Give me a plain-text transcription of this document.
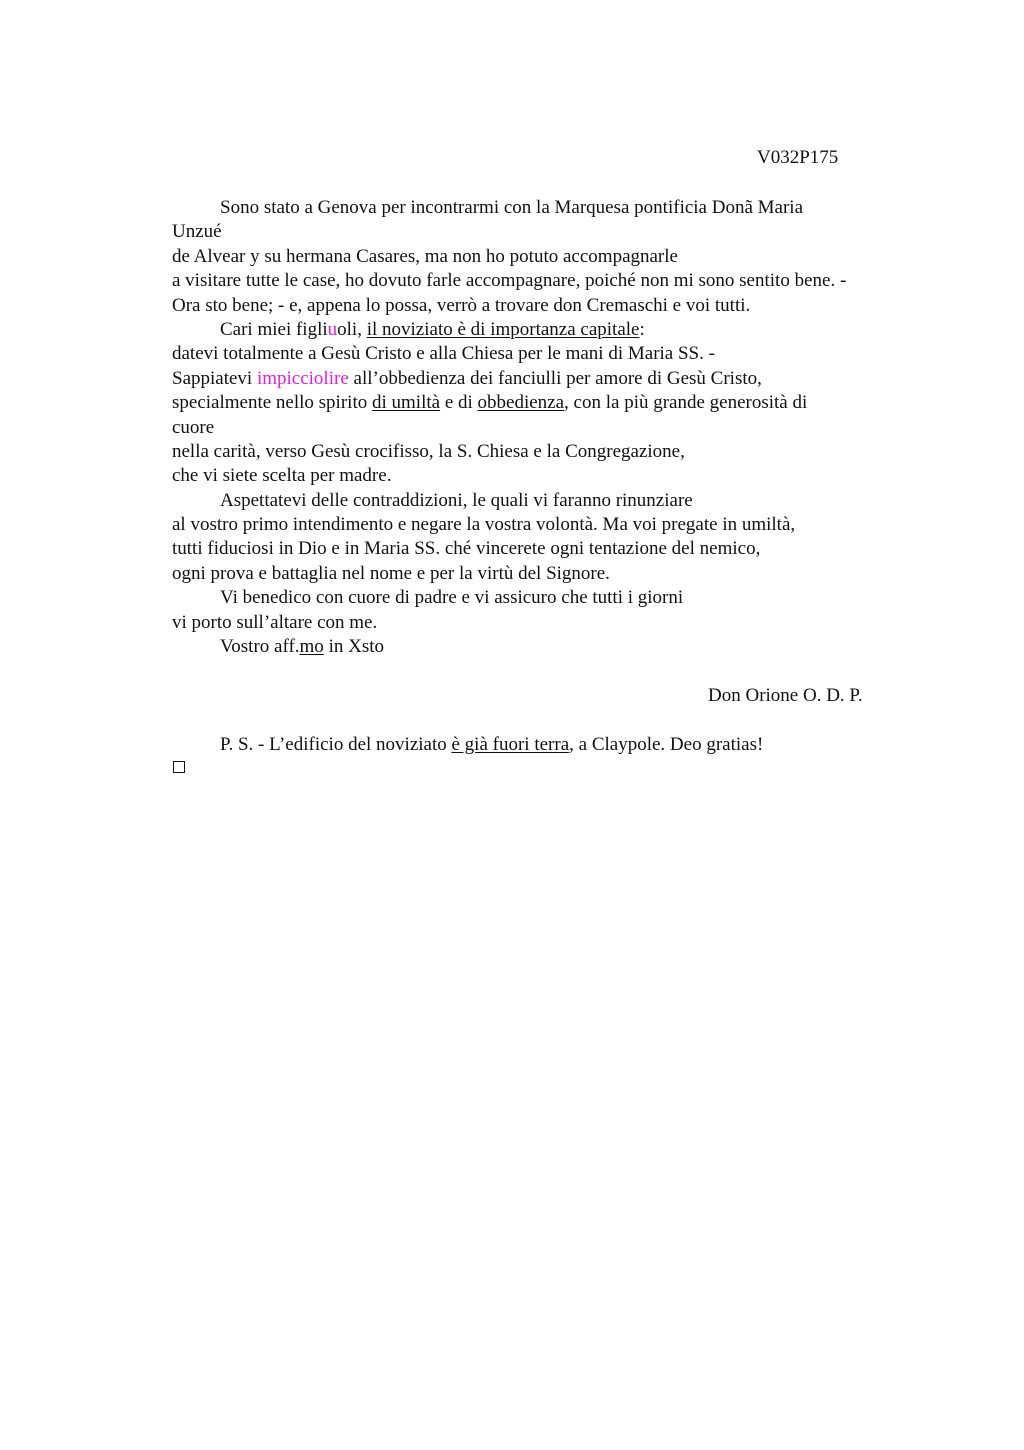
V032P175
Sono stato a Genova per incontrarmi con la Marquesa pontificia Donã Maria
Unzué
de Alvear y su hermana Casares, ma non ho potuto accompagnarle
a visitare tutte le case, ho dovuto farle accompagnare, poiché non mi sono sentito bene. -
Ora sto bene; - e, appena lo possa, verrò a trovare don Cremaschi e voi tutti.
Cari miei figliuoli, il noviziato è di importanza capitale:
datevi totalmente a Gesù Cristo e alla Chiesa per le mani di Maria SS. -
Sappiatevi impicciolire all’obbedienza dei fanciulli per amore di Gesù Cristo,
specialmente nello spirito di umiltà e di obbedienza, con la più grande generosità di
cuore
nella carità, verso Gesù crocifisso, la S. Chiesa e la Congregazione,
che vi siete scelta per madre.
Aspettatevi delle contraddizioni, le quali vi faranno rinunziare
al vostro primo intendimento e negare la vostra volontà. Ma voi pregate in umiltà,
tutti fiduciosi in Dio e in Maria SS. ché vincerete ogni tentazione del nemico,
ogni prova e battaglia nel nome e per la virtù del Signore.
Vi benedico con cuore di padre e vi assicuro che tutti i giorni
vi porto sull’altare con me.
Vostro aff.mo in Xsto
Don Orione O. D. P.
P. S. - L’edificio del noviziato è già fuori terra, a Claypole. Deo gratias!
